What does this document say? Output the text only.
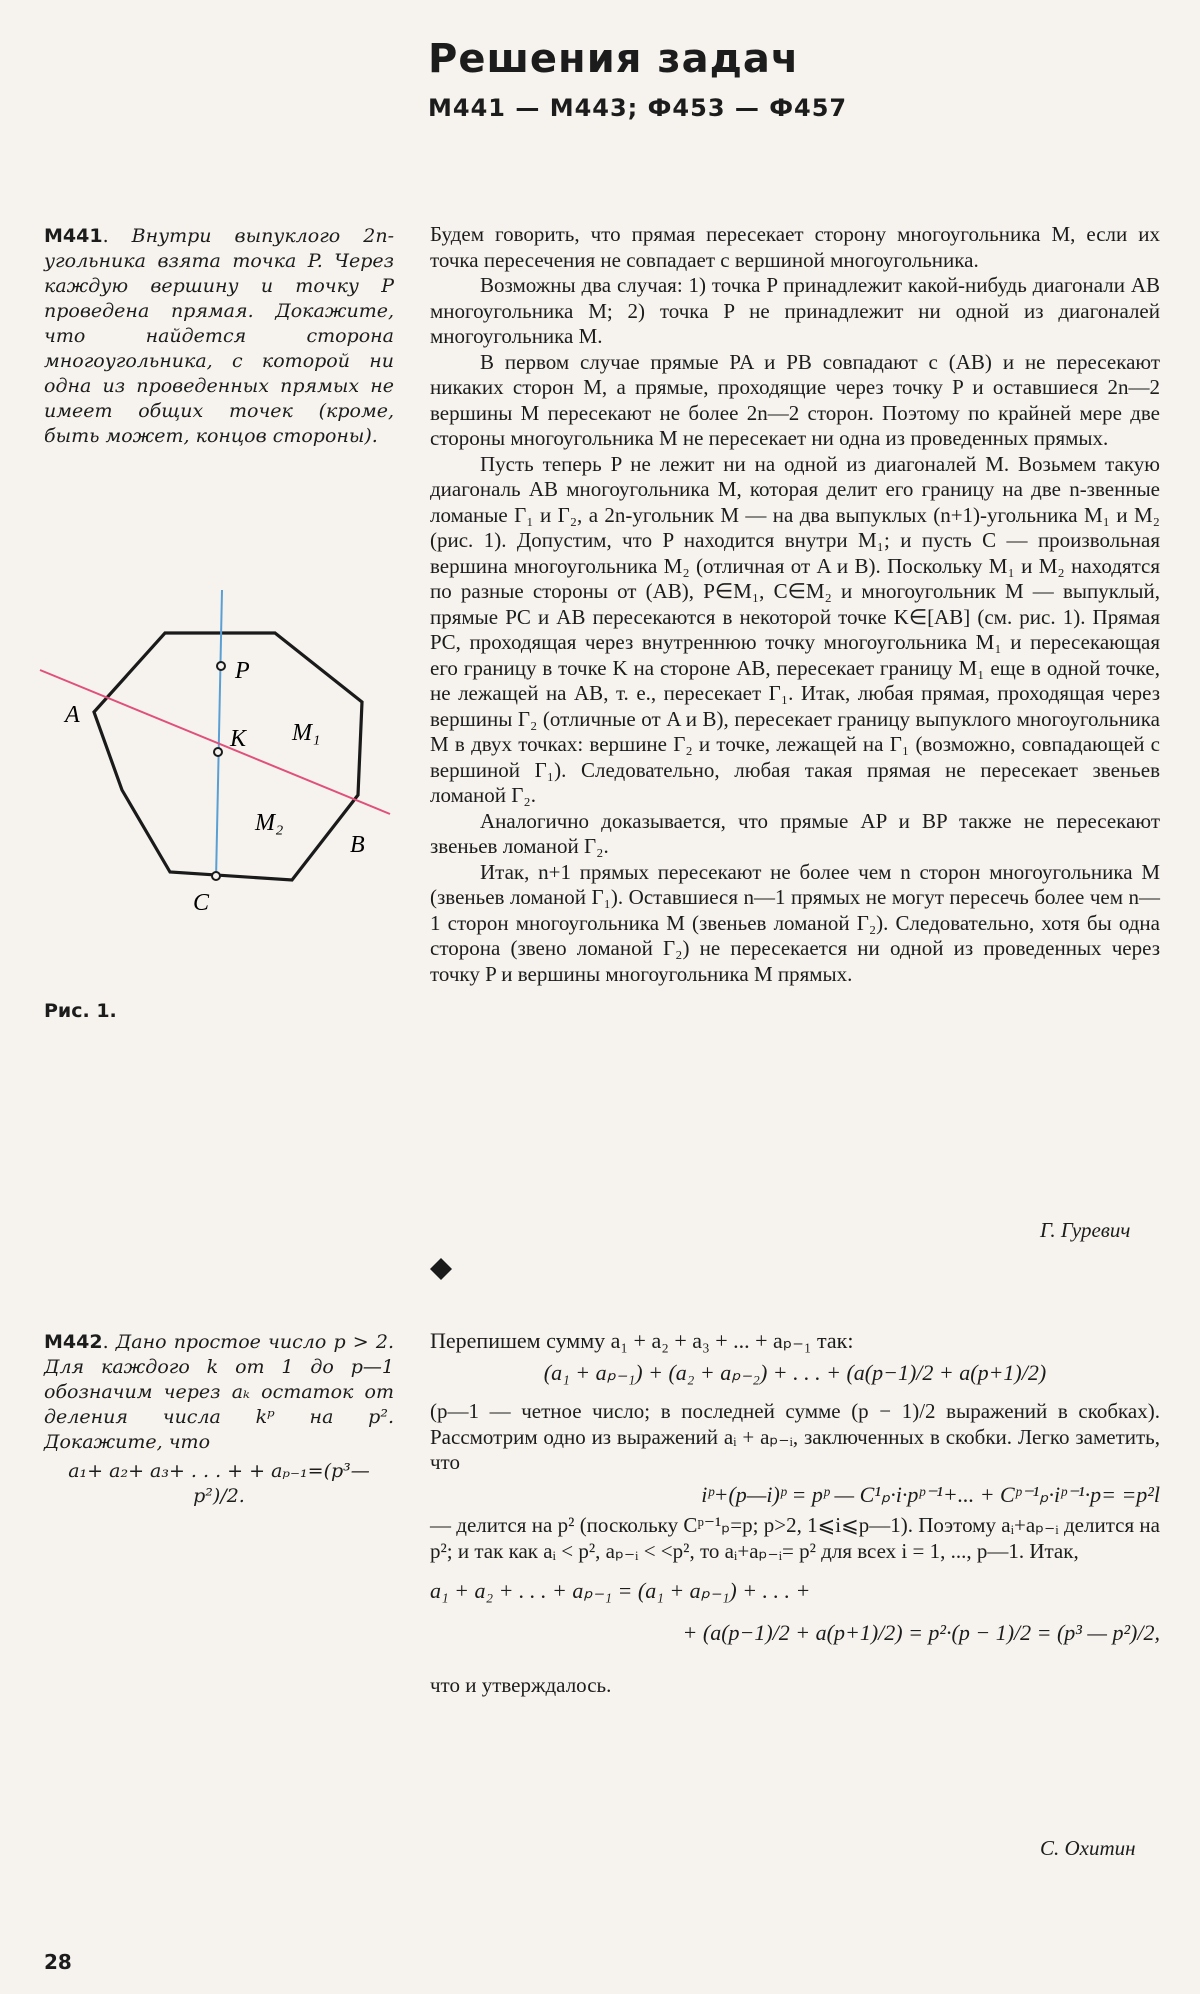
Решения задач
M441 — M443; Ф453 — Ф457
M441. Внутри выпуклого 2n-угольника взята точка P. Через каждую вершину и точку P проведена прямая. Докажите, что найдется сторона многоугольника, с которой ни одна из проведенных прямых не имеет общих точек (кроме, быть может, концов стороны).
P
K
A
B
C
M₁
M₂
Рис. 1.

Будем говорить, что прямая пересекает сторону многоугольника M, если их точка пересечения не совпадает с вершиной многоугольника.

Возможны два случая: 1) точка P принадлежит какой-нибудь диагонали AB многоугольника M; 2) точка P не принадлежит ни одной из диагоналей многоугольника M.

В первом случае прямые PA и PB совпадают с (AB) и не пересекают никаких сторон M, а прямые, проходящие через точку P и оставшиеся 2n—2 вершины M пересекают не более 2n—2 сторон. Поэтому по крайней мере две стороны многоугольника M не пересекает ни одна из проведенных прямых.

Пусть теперь P не лежит ни на одной из диагоналей M. Возьмем такую диагональ AB многоугольника M, которая делит его границу на две n-звенные ломаные Γ₁ и Γ₂, а 2n-угольник M — на два выпуклых (n+1)-угольника M₁ и M₂ (рис. 1). Допустим, что P находится внутри M₁; и пусть C — произвольная вершина многоугольника M₂ (отличная от A и B). Поскольку M₁ и M₂ находятся по разные стороны от (AB), P∈M₁, C∈M₂ и многоугольник M — выпуклый, прямые PC и AB пересекаются в некоторой точке K∈[AB] (см. рис. 1). Прямая PC, проходящая через внутреннюю точку многоугольника M₁ и пересекающая его границу в точке K на стороне AB, пересекает границу M₁ еще в одной точке, не лежащей на AB, т. е., пересекает Γ₁. Итак, любая прямая, проходящая через вершины Γ₂ (отличные от A и B), пересекает границу выпуклого многоугольника M в двух точках: вершине Γ₂ и точке, лежащей на Γ₁ (возможно, совпадающей с вершиной Γ₁). Следовательно, любая такая прямая не пересекает звеньев ломаной Γ₂.

Аналогично доказывается, что прямые AP и BP также не пересекают звеньев ломаной Γ₂.

Итак, n+1 прямых пересекают не более чем n сторон многоугольника M (звеньев ломаной Γ₁). Оставшиеся n—1 прямых не могут пересечь более чем n—1 сторон многоугольника M (звеньев ломаной Γ₂). Следовательно, хотя бы одна сторона (звено ломаной Γ₂) не пересекается ни одной из проведенных через точку P и вершины многоугольника M прямых.

Г. Гуревич
M442. Дано простое число p > 2. Для каждого k от 1 до p—1 обозначим через aₖ остаток от деления числа kᵖ на p². Докажите, что
a₁+ a₂+ a₃+ . . . + + aₚ₋₁=(p³—p²)/2.
Перепишем сумму a₁ + a₂ + a₃ + ... + aₚ₋₁ так:
(a₁ + aₚ₋₁) + (a₂ + aₚ₋₂) + . . . + (a(p−1)/2 + a(p+1)/2)

(p—1 — четное число; в последней сумме (p − 1)/2 выражений в скобках). Рассмотрим одно из выражений aᵢ + aₚ₋ᵢ, заключенных в скобки. Легко заметить, что

iᵖ+(p—i)ᵖ = pᵖ — C¹ₚ·i·pᵖ⁻¹+... + Cᵖ⁻¹ₚ·iᵖ⁻¹·p= =p²l

— делится на p² (поскольку Cᵖ⁻¹ₚ=p; p>2, 1⩽i⩽p—1). Поэтому aᵢ+aₚ₋ᵢ делится на p²; и так как aᵢ < p², aₚ₋ᵢ < <p², то aᵢ+aₚ₋ᵢ= p² для всех i = 1, ..., p—1. Итак,

a₁ + a₂ + . . . + aₚ₋₁ = (a₁ + aₚ₋₁) + . . . +
+ (a(p−1)/2 + a(p+1)/2) = p²·(p − 1)/2 = (p³ — p²)/2,

что и утверждалось.

С. Охитин
28
